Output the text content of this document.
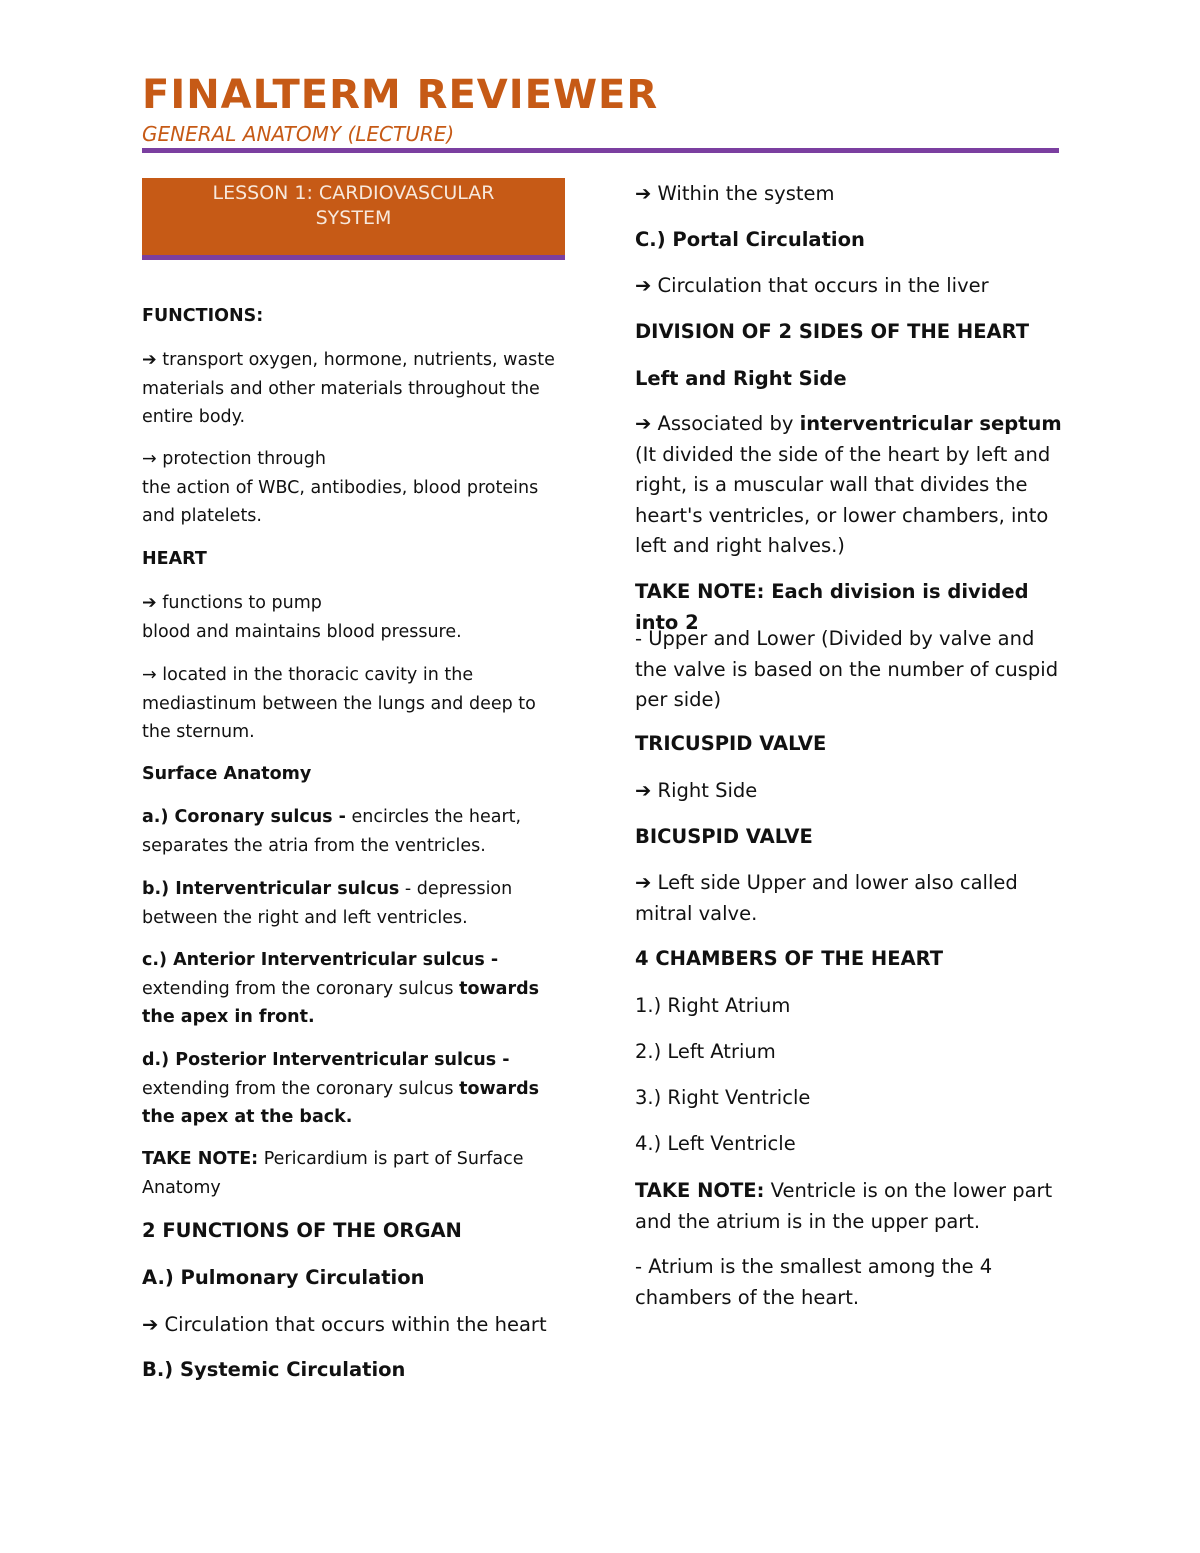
FINALTERM REVIEWER

GENERAL ANATOMY (LECTURE)

LESSON 1: CARDIOVASCULAR
SYSTEM

FUNCTIONS:

➔ transport oxygen, hormone, nutrients, waste materials and other materials throughout the entire body.

→ protection through
the action of WBC, antibodies, blood proteins and platelets.

HEART

➔ functions to pump
blood and maintains blood pressure.

→ located in the thoracic cavity in the mediastinum between the lungs and deep to the sternum.

Surface Anatomy

a.) Coronary sulcus - encircles the heart, separates the atria from the ventricles.

b.) Interventricular sulcus - depression between the right and left ventricles.

c.) Anterior Interventricular sulcus - extending from the coronary sulcus towards the apex in front.

d.) Posterior Interventricular sulcus - extending from the coronary sulcus towards the apex at the back.

TAKE NOTE: Pericardium is part of Surface Anatomy

2 FUNCTIONS OF THE ORGAN

A.) Pulmonary Circulation

➔ Circulation that occurs within the heart

B.) Systemic Circulation

➔ Within the system

C.) Portal Circulation

➔ Circulation that occurs in the liver

DIVISION OF 2 SIDES OF THE HEART

Left and Right Side

➔ Associated by interventricular septum (It divided the side of the heart by left and right, is a muscular wall that divides the heart's ventricles, or lower chambers, into left and right halves.)

TAKE NOTE: Each division is divided into 2

- Upper and Lower (Divided by valve and the valve is based on the number of cuspid per side)

TRICUSPID VALVE

➔ Right Side

BICUSPID VALVE

➔ Left side Upper and lower also called mitral valve.

4 CHAMBERS OF THE HEART

1.) Right Atrium

2.) Left Atrium

3.) Right Ventricle

4.) Left Ventricle

TAKE NOTE: Ventricle is on the lower part and the atrium is in the upper part.

- Atrium is the smallest among the 4 chambers of the heart.
